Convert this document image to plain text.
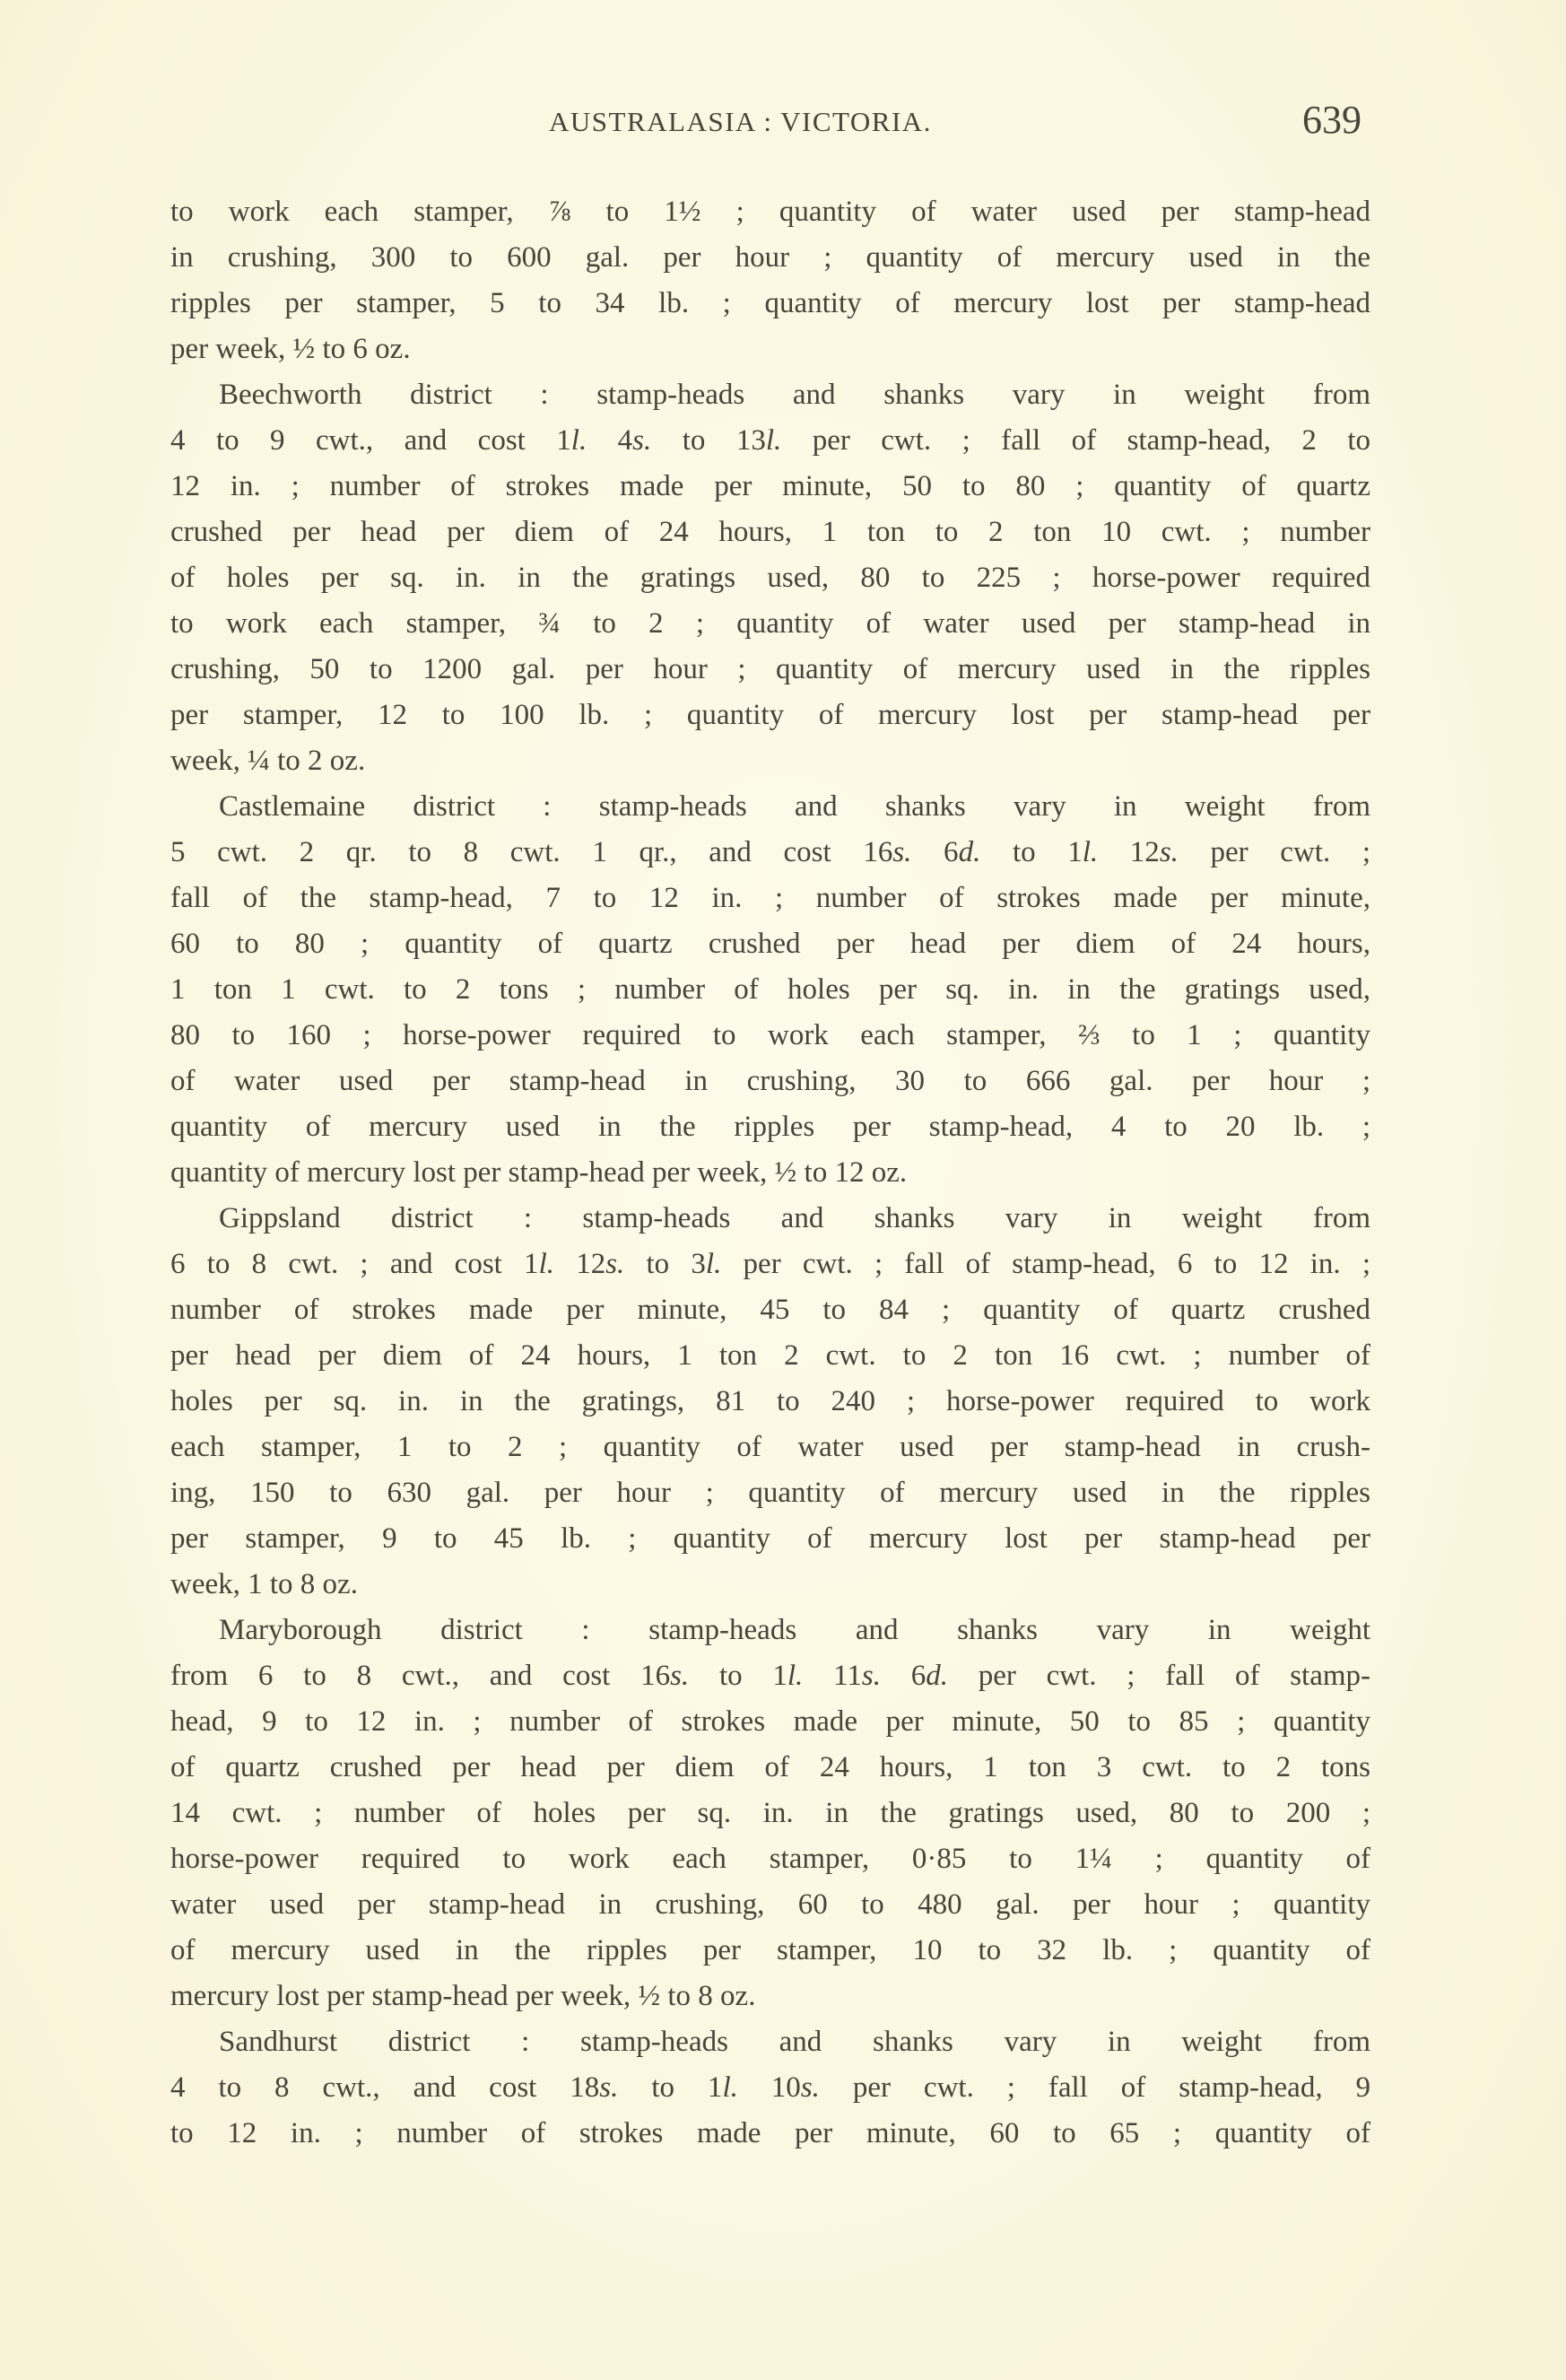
AUSTRALASIA : VICTORIA.	639
to work each stamper, ⅞ to 1½ ; quantity of water used per stamp-head
in crushing, 300 to 600 gal. per hour ; quantity of mercury used in the
ripples per stamper, 5 to 34 lb. ; quantity of mercury lost per stamp-head
per week, ½ to 6 oz.
Beechworth district : stamp-heads and shanks vary in weight from
4 to 9 cwt., and cost 1l. 4s. to 13l. per cwt. ; fall of stamp-head, 2 to
12 in. ; number of strokes made per minute, 50 to 80 ; quantity of quartz
crushed per head per diem of 24 hours, 1 ton to 2 ton 10 cwt. ; number
of holes per sq. in. in the gratings used, 80 to 225 ; horse-power required
to work each stamper, ¾ to 2 ; quantity of water used per stamp-head in
crushing, 50 to 1200 gal. per hour ; quantity of mercury used in the ripples
per stamper, 12 to 100 lb. ; quantity of mercury lost per stamp-head per
week, ¼ to 2 oz.
Castlemaine district : stamp-heads and shanks vary in weight from
5 cwt. 2 qr. to 8 cwt. 1 qr., and cost 16s. 6d. to 1l. 12s. per cwt. ;
fall of the stamp-head, 7 to 12 in. ; number of strokes made per minute,
60 to 80 ; quantity of quartz crushed per head per diem of 24 hours,
1 ton 1 cwt. to 2 tons ; number of holes per sq. in. in the gratings used,
80 to 160 ; horse-power required to work each stamper, ⅔ to 1 ; quantity
of water used per stamp-head in crushing, 30 to 666 gal. per hour ;
quantity of mercury used in the ripples per stamp-head, 4 to 20 lb. ;
quantity of mercury lost per stamp-head per week, ½ to 12 oz.
Gippsland district : stamp-heads and shanks vary in weight from
6 to 8 cwt. ; and cost 1l. 12s. to 3l. per cwt. ; fall of stamp-head, 6 to 12 in. ;
number of strokes made per minute, 45 to 84 ; quantity of quartz crushed
per head per diem of 24 hours, 1 ton 2 cwt. to 2 ton 16 cwt. ; number of
holes per sq. in. in the gratings, 81 to 240 ; horse-power required to work
each stamper, 1 to 2 ; quantity of water used per stamp-head in crush-
ing, 150 to 630 gal. per hour ; quantity of mercury used in the ripples
per stamper, 9 to 45 lb. ; quantity of mercury lost per stamp-head per
week, 1 to 8 oz.
Maryborough district : stamp-heads and shanks vary in weight
from 6 to 8 cwt., and cost 16s. to 1l. 11s. 6d. per cwt. ; fall of stamp-
head, 9 to 12 in. ; number of strokes made per minute, 50 to 85 ; quantity
of quartz crushed per head per diem of 24 hours, 1 ton 3 cwt. to 2 tons
14 cwt. ; number of holes per sq. in. in the gratings used, 80 to 200 ;
horse-power required to work each stamper, 0·85 to 1¼ ; quantity of
water used per stamp-head in crushing, 60 to 480 gal. per hour ; quantity
of mercury used in the ripples per stamper, 10 to 32 lb. ; quantity of
mercury lost per stamp-head per week, ½ to 8 oz.
Sandhurst district : stamp-heads and shanks vary in weight from
4 to 8 cwt., and cost 18s. to 1l. 10s. per cwt. ; fall of stamp-head, 9
to 12 in. ; number of strokes made per minute, 60 to 65 ; quantity of
